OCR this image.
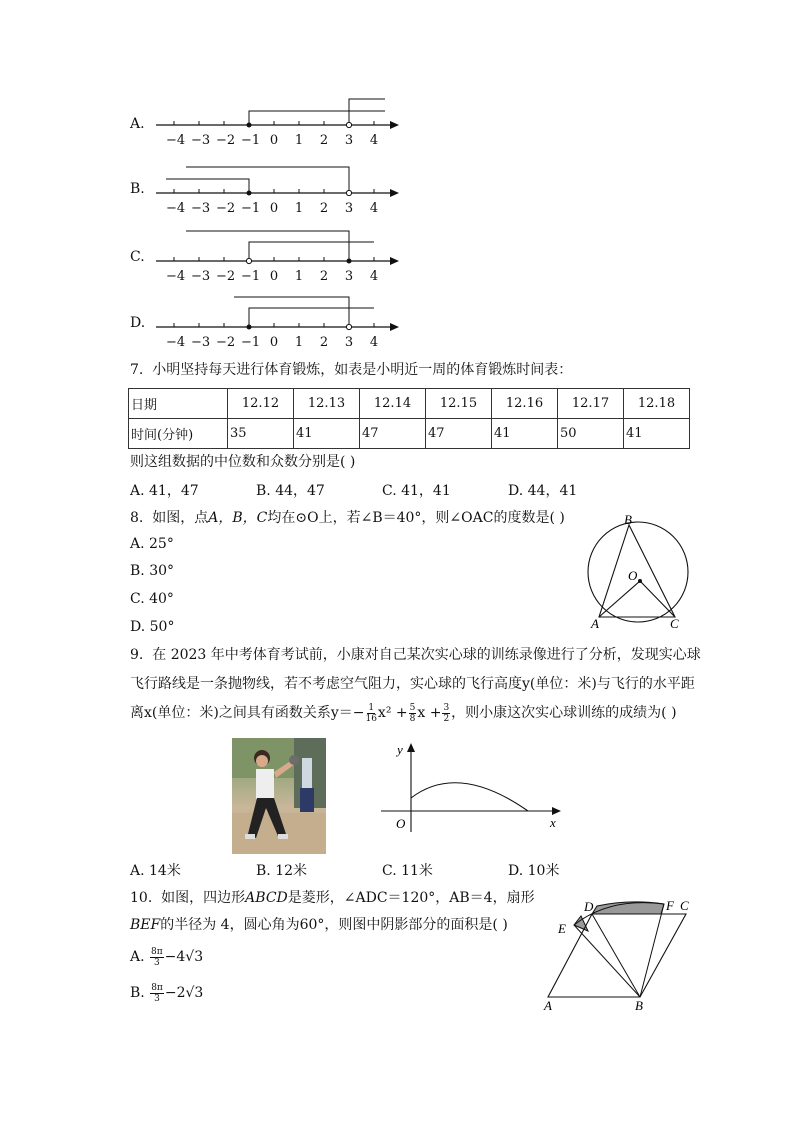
A.
B.
C.
D.
−4 −3 −2 −1 0 1 2 3 4
−4 −3 −2 −1 0 1 2 3 4
−4 −3 −2 −1 0 1 2 3 4
−4 −3 −2 −1 0 1 2 3 4
7. 小明坚持每天进行体育锻炼，如表是小明近一周的体育锻炼时间表：
日期	12.12	12.13	12.14	12.15	12.16	12.17	12.18
时间(分钟)	35	41	47	47	41	50	41
则这组数据的中位数和众数分别是( )
A. 41，47	B. 44，47	C. 41，41	D. 44，41
8. 如图，点A，B，C均在⊙O上，若∠B＝40°，则∠OAC的度数是( )
A. 25°
B. 30°
C. 40°
D. 50°
B
O
A	C
9. 在 2023 年中考体育考试前，小康对自己某次实心球的训练录像进行了分析，发现实心球
飞行路线是一条抛物线，若不考虑空气阻力，实心球的飞行高度y(单位：米)与飞行的水平距
离x(单位：米)之间具有函数关系$y=- \frac{1}{16} x^2 + \frac{5}{8}$ $x + \frac{3}{2}$ ，则小康这次实心球训练的成绩为( )
y
x
O
A. 14米	B. 12米	C. 11米	D. 10米
10. 如图，四边形ABCD是菱形，∠ADC＝120°，AB＝4，扇形
BEF的半径为 4，圆心角为60°，则图中阴影部分的面积是( )
A.
$\frac{8\pi}{3} -4√3$
B.
$\frac{8\pi}{3} -2√3$
D	F C
E
A	B
